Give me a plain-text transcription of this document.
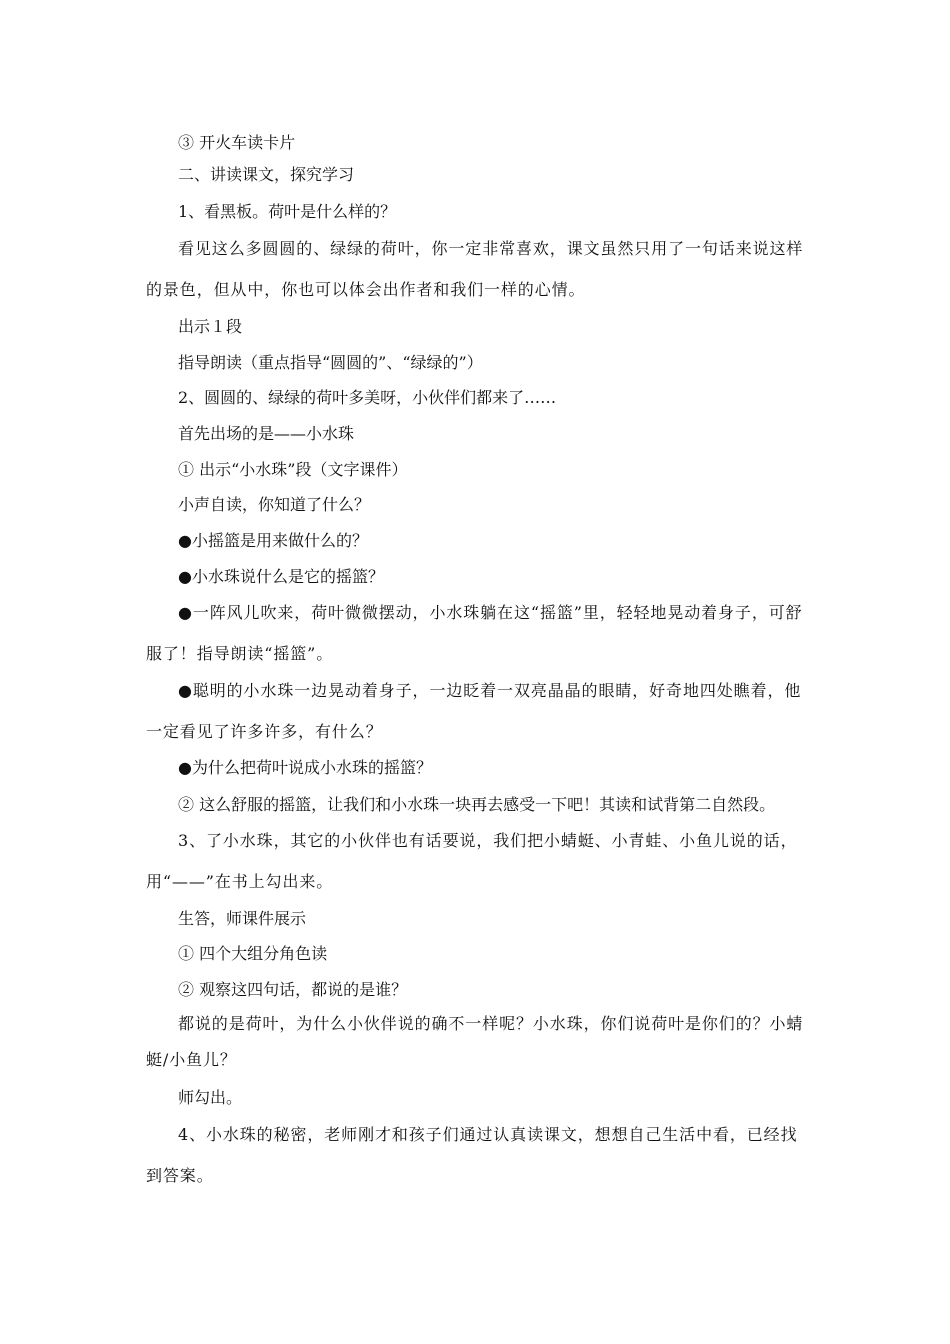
③ 开火车读卡片

二、讲读课文，探究学习

1、看黑板。荷叶是什么样的？

看见这么多圆圆的、绿绿的荷叶，你一定非常喜欢，课文虽然只用了一句话来说这样的景色，但从中，你也可以体会出作者和我们一样的心情。

出示１段

指导朗读（重点指导“圆圆的”、“绿绿的”）

2、圆圆的、绿绿的荷叶多美呀，小伙伴们都来了……

首先出场的是——小水珠

① 出示“小水珠”段（文字课件）

小声自读，你知道了什么？

●小摇篮是用来做什么的？

●小水珠说什么是它的摇篮？

●一阵风儿吹来，荷叶微微摆动，小水珠躺在这“摇篮”里，轻轻地晃动着身子，可舒服了！指导朗读“摇篮”。

●聪明的小水珠一边晃动着身子，一边眨着一双亮晶晶的眼睛，好奇地四处瞧着，他一定看见了许多许多，有什么？

●为什么把荷叶说成小水珠的摇篮？

② 这么舒服的摇篮，让我们和小水珠一块再去感受一下吧！其读和试背第二自然段。

3、了小水珠，其它的小伙伴也有话要说，我们把小蜻蜓、小青蛙、小鱼儿说的话，用“——”在书上勾出来。

生答，师课件展示

① 四个大组分角色读

② 观察这四句话，都说的是谁？

都说的是荷叶，为什么小伙伴说的确不一样呢？小水珠，你们说荷叶是你们的？小蜻蜓/小鱼儿？

师勾出。

4、小水珠的秘密，老师刚才和孩子们通过认真读课文，想想自己生活中看，已经找到答案。
